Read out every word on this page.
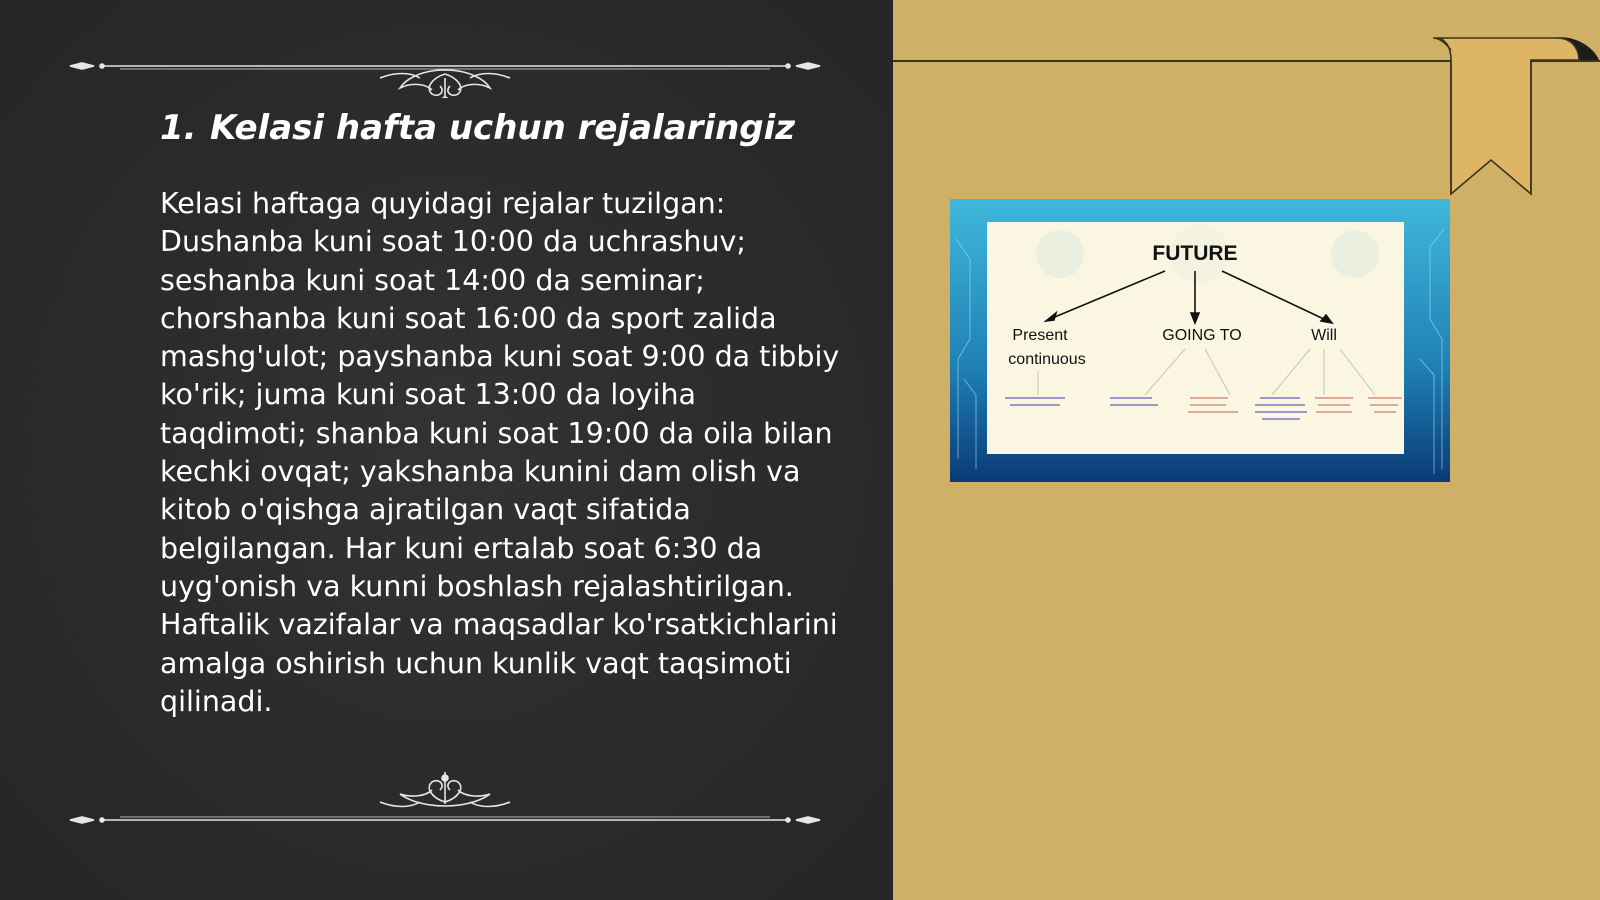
1. Kelasi hafta uchun rejalaringiz

Kelasi haftaga quyidagi rejalar tuzilgan: Dushanba kuni soat 10:00 da uchrashuv; seshanba kuni soat 14:00 da seminar; chorshanba kuni soat 16:00 da sport zalida mashg'ulot; payshanba kuni soat 9:00 da tibbiy ko'rik; juma kuni soat 13:00 da loyiha taqdimoti; shanba kuni soat 19:00 da oila bilan kechki ovqat; yakshanba kunini dam olish va kitob o'qishga ajratilgan vaqt sifatida belgilangan. Har kuni ertalab soat 6:30 da uyg'onish va kunni boshlash rejalashtirilgan. Haftalik vazifalar va maqsadlar ko'rsatkichlarini amalga oshirish uchun kunlik vaqt taqsimoti qilinadi.

FUTURE
Present
continuous
GOING TO	Will
